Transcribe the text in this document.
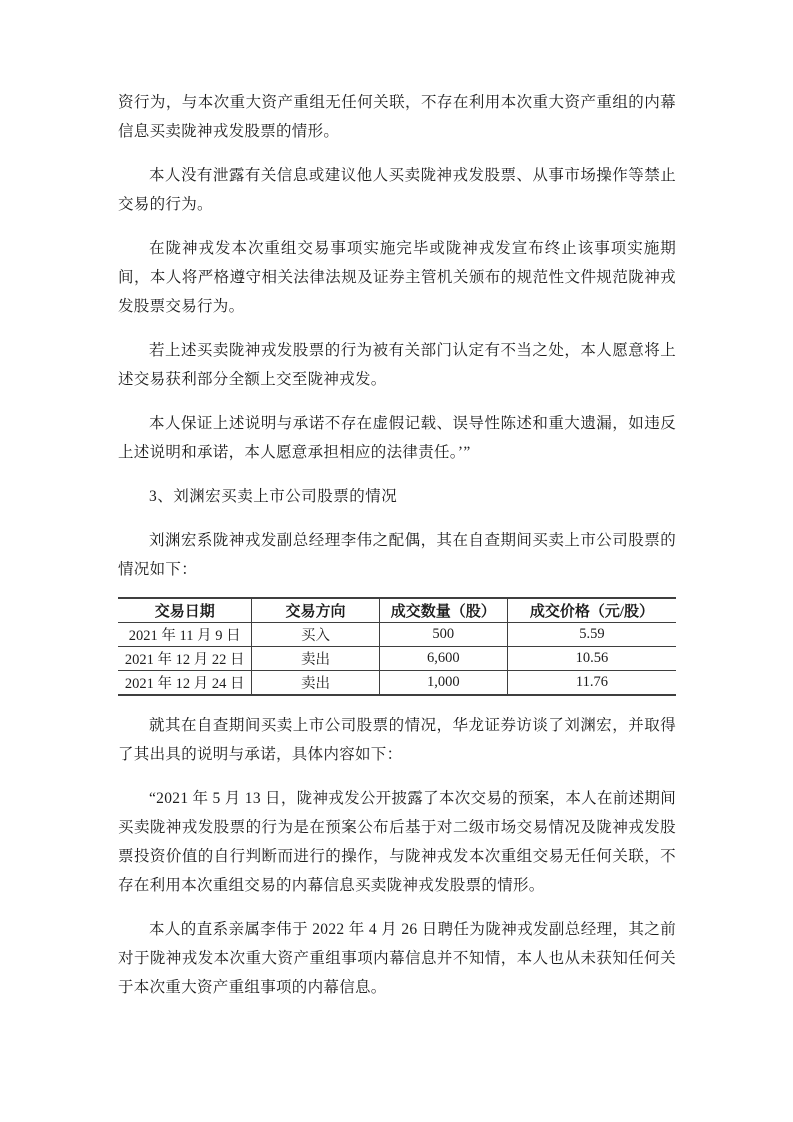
资行为，与本次重大资产重组无任何关联，不存在利用本次重大资产重组的内幕信息买卖陇神戎发股票的情形。

本人没有泄露有关信息或建议他人买卖陇神戎发股票、从事市场操作等禁止交易的行为。

在陇神戎发本次重组交易事项实施完毕或陇神戎发宣布终止该事项实施期间，本人将严格遵守相关法律法规及证券主管机关颁布的规范性文件规范陇神戎发股票交易行为。

若上述买卖陇神戎发股票的行为被有关部门认定有不当之处，本人愿意将上述交易获利部分全额上交至陇神戎发。

本人保证上述说明与承诺不存在虚假记载、误导性陈述和重大遗漏，如违反上述说明和承诺，本人愿意承担相应的法律责任。’”

3、刘渊宏买卖上市公司股票的情况

刘渊宏系陇神戎发副总经理李伟之配偶，其在自查期间买卖上市公司股票的情况如下：

交易日期	交易方向	成交数量（股）	成交价格（元/股）
2021 年 11 月 9 日	买入	500	5.59
2021 年 12 月 22 日	卖出	6,600	10.56
2021 年 12 月 24 日	卖出	1,000	11.76

就其在自查期间买卖上市公司股票的情况，华龙证券访谈了刘渊宏，并取得了其出具的说明与承诺，具体内容如下：

“2021 年 5 月 13 日，陇神戎发公开披露了本次交易的预案，本人在前述期间买卖陇神戎发股票的行为是在预案公布后基于对二级市场交易情况及陇神戎发股票投资价值的自行判断而进行的操作，与陇神戎发本次重组交易无任何关联，不存在利用本次重组交易的内幕信息买卖陇神戎发股票的情形。

本人的直系亲属李伟于 2022 年 4 月 26 日聘任为陇神戎发副总经理，其之前对于陇神戎发本次重大资产重组事项内幕信息并不知情，本人也从未获知任何关于本次重大资产重组事项的内幕信息。
